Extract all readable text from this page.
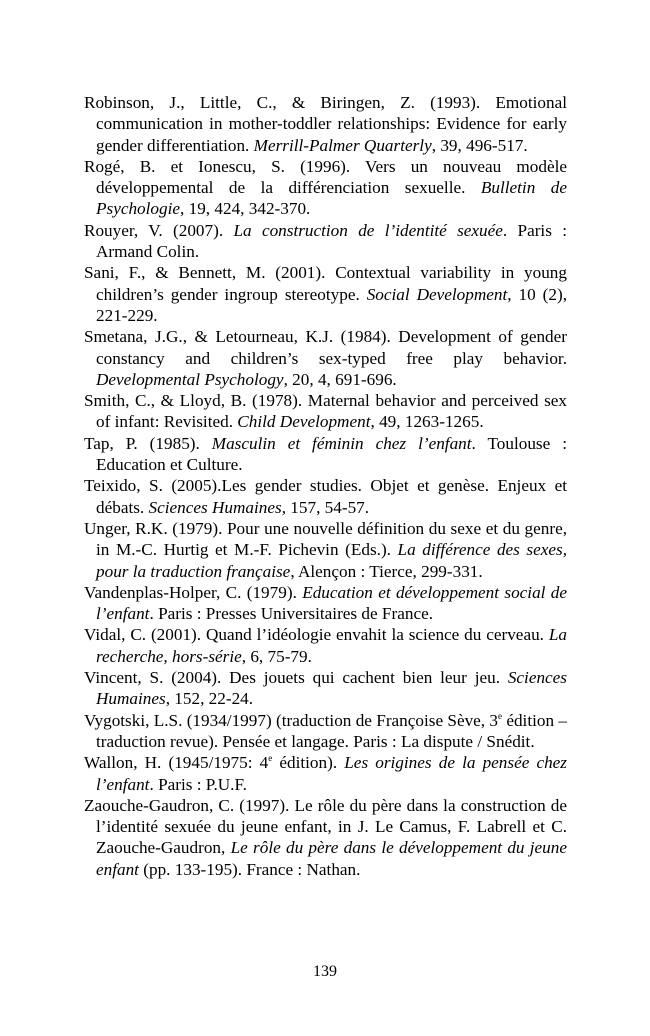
Robinson, J., Little, C., & Biringen, Z. (1993). Emotional communication in mother-toddler relationships: Evidence for early gender differentiation. Merrill-Palmer Quarterly, 39, 496-517.

Rogé, B. et Ionescu, S. (1996). Vers un nouveau modèle développemental de la différenciation sexuelle. Bulletin de Psychologie, 19, 424, 342-370.

Rouyer, V. (2007). La construction de l’identité sexuée. Paris : Armand Colin.

Sani, F., & Bennett, M. (2001). Contextual variability in young children’s gender ingroup stereotype. Social Development, 10 (2), 221-229.

Smetana, J.G., & Letourneau, K.J. (1984). Development of gender constancy and children’s sex-typed free play behavior. Developmental Psychology, 20, 4, 691-696.

Smith, C., & Lloyd, B. (1978). Maternal behavior and perceived sex of infant: Revisited. Child Development, 49, 1263-1265.

Tap, P. (1985). Masculin et féminin chez l’enfant. Toulouse : Education et Culture.

Teixido, S. (2005).Les gender studies. Objet et genèse. Enjeux et débats. Sciences Humaines, 157, 54-57.

Unger, R.K. (1979). Pour une nouvelle définition du sexe et du genre, in M.-C. Hurtig et M.-F. Pichevin (Eds.). La différence des sexes, pour la traduction française, Alençon : Tierce, 299-331.

Vandenplas-Holper, C. (1979). Education et développement social de l’enfant. Paris : Presses Universitaires de France.

Vidal, C. (2001). Quand l’idéologie envahit la science du cerveau. La recherche, hors-série, 6, 75-79.

Vincent, S. (2004). Des jouets qui cachent bien leur jeu. Sciences Humaines, 152, 22-24.

Vygotski, L.S. (1934/1997) (traduction de Françoise Sève, 3e édition – traduction revue). Pensée et langage. Paris : La dispute / Snédit.

Wallon, H. (1945/1975: 4e édition). Les origines de la pensée chez l’enfant. Paris : P.U.F.

Zaouche-Gaudron, C. (1997). Le rôle du père dans la construction de l’identité sexuée du jeune enfant, in J. Le Camus, F. Labrell et C. Zaouche-Gaudron, Le rôle du père dans le développement du jeune enfant (pp. 133-195). France : Nathan.

139
